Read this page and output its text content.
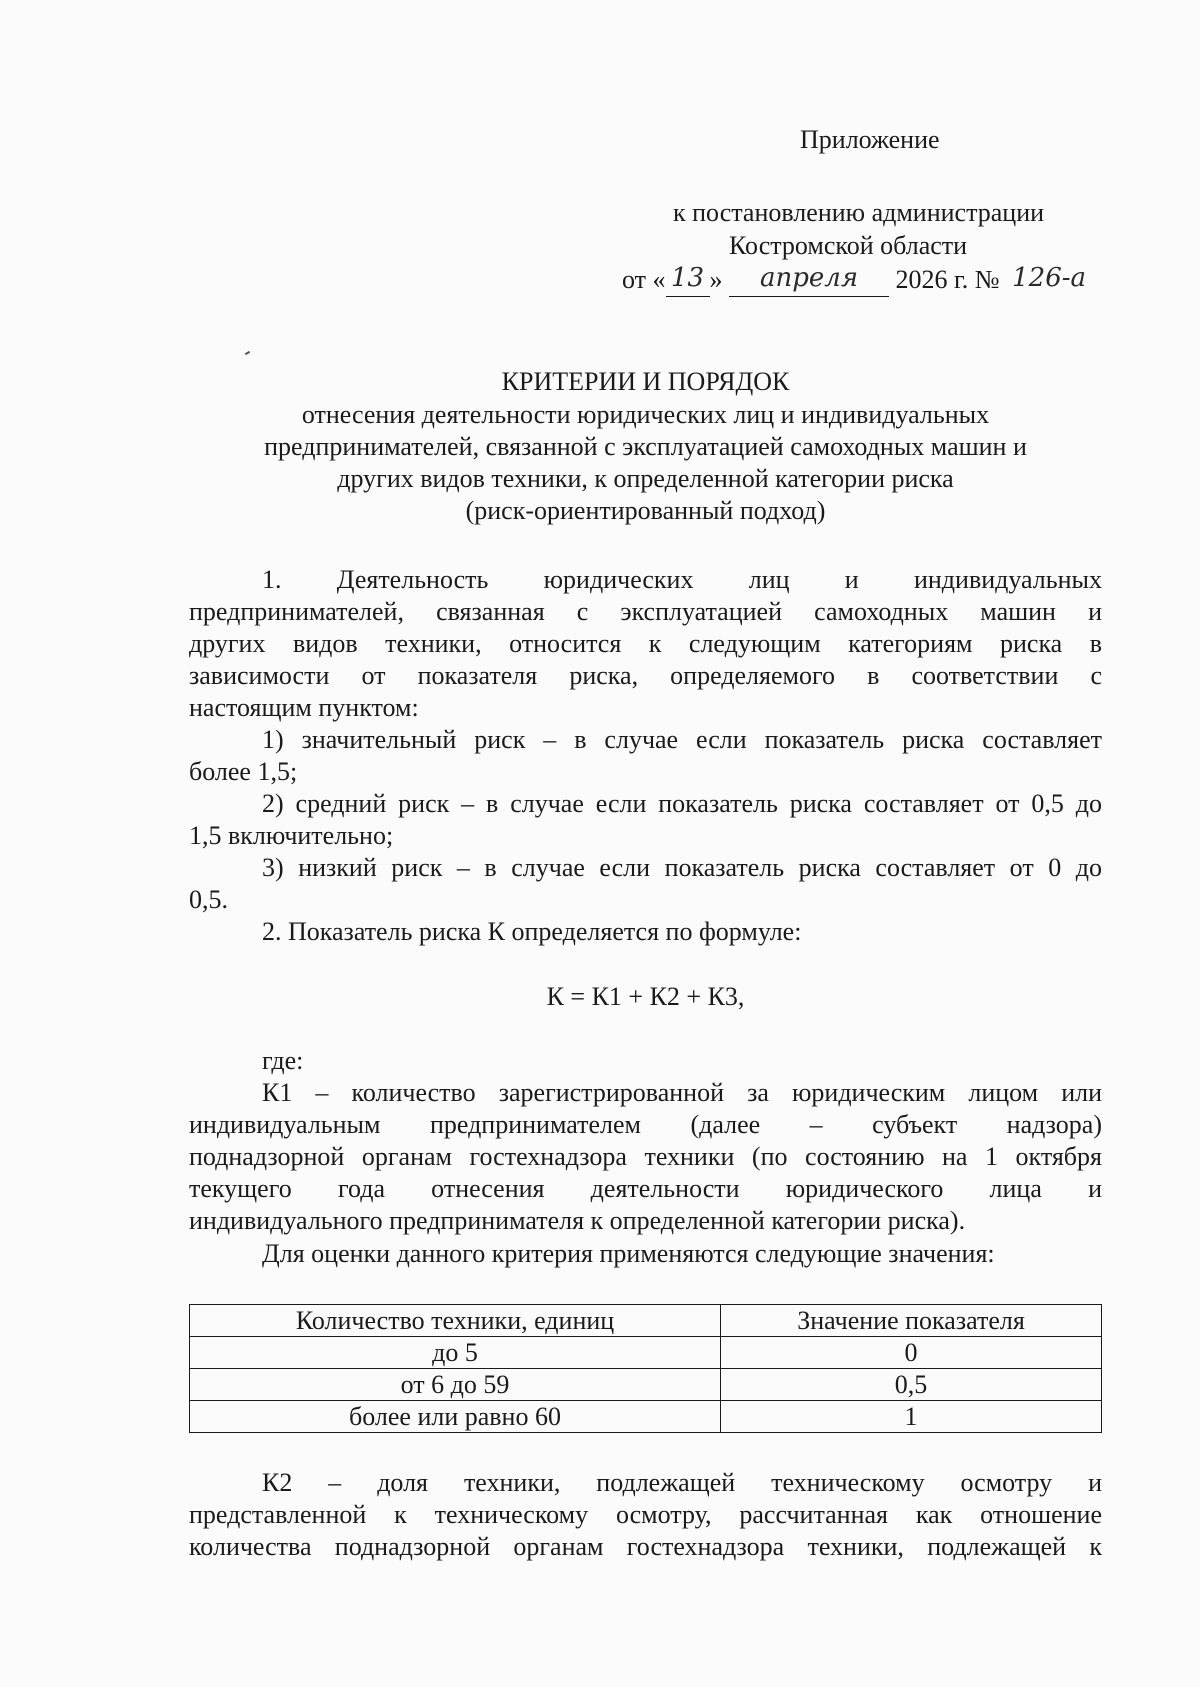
Приложение
к постановлению администрации
Костромской области
от « 13 » апреля 2026 г. № 126-а
КРИТЕРИИ И ПОРЯДОК
отнесения деятельности юридических лиц и индивидуальных
предпринимателей, связанной с эксплуатацией самоходных машин и
других видов техники, к определенной категории риска
(риск-ориентированный подход)
1. Деятельность юридических лиц и индивидуальных
предпринимателей, связанная с эксплуатацией самоходных машин и
других видов техники, относится к следующим категориям риска в
зависимости от показателя риска, определяемого в соответствии с
настоящим пунктом:
1) значительный риск – в случае если показатель риска составляет
более 1,5;
2) средний риск – в случае если показатель риска составляет от 0,5 до
1,5 включительно;
3) низкий риск – в случае если показатель риска составляет от 0 до
0,5.
2. Показатель риска К определяется по формуле:
К = К1 + К2 + К3,
где:
К1 – количество зарегистрированной за юридическим лицом или
индивидуальным предпринимателем (далее – субъект надзора)
поднадзорной органам гостехнадзора техники (по состоянию на 1 октября
текущего года отнесения деятельности юридического лица и
индивидуального предпринимателя к определенной категории риска).
Для оценки данного критерия применяются следующие значения:
Количество техники, единиц	Значение показателя
до 5	0
от 6 до 59	0,5
более или равно 60	1
К2 – доля техники, подлежащей техническому осмотру и
представленной к техническому осмотру, рассчитанная как отношение
количества поднадзорной органам гостехнадзора техники, подлежащей к
